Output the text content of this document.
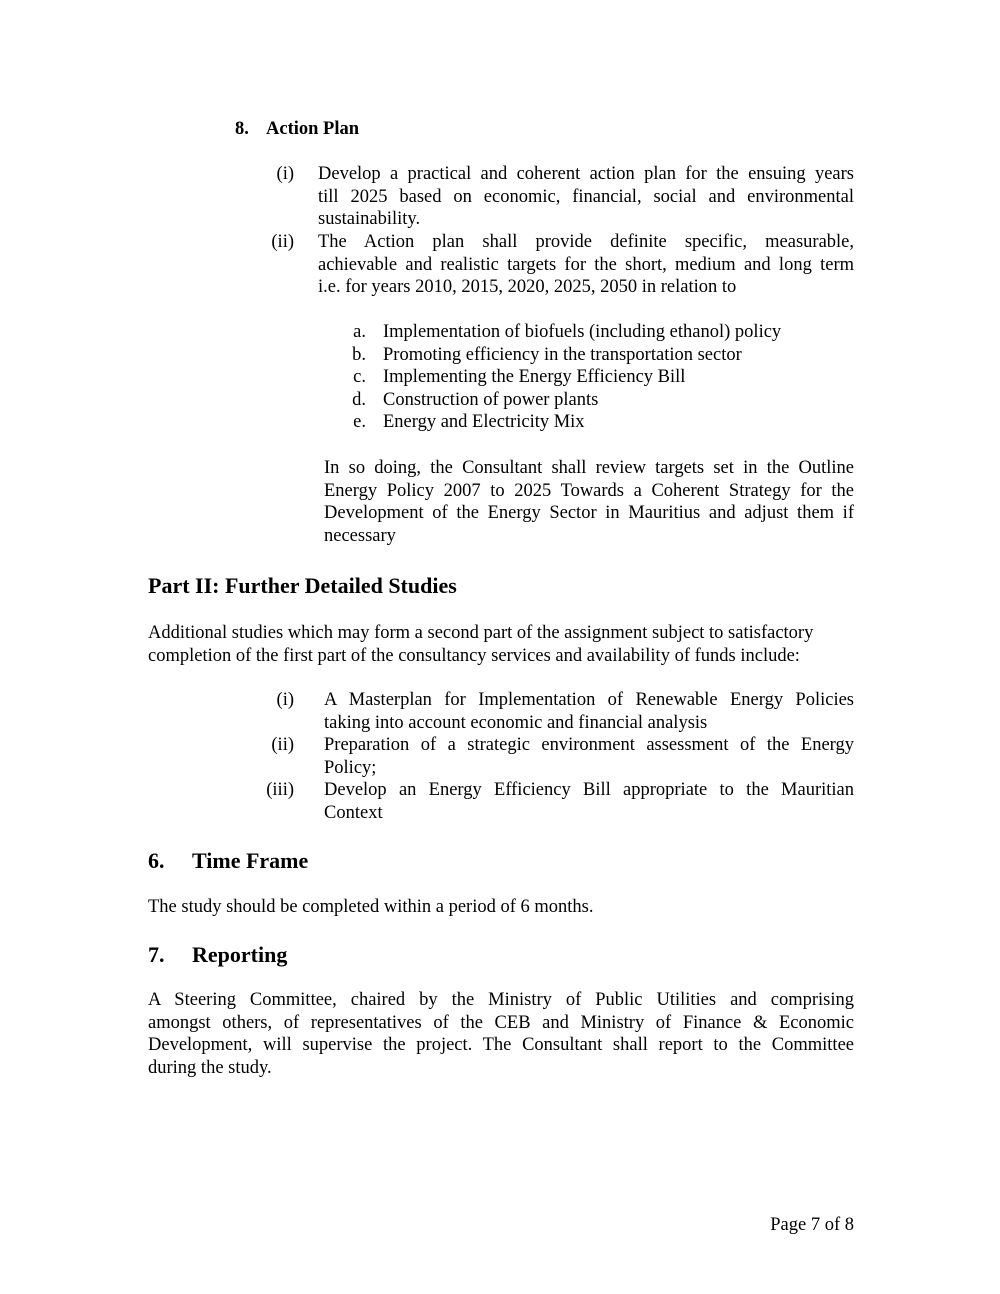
8. Action Plan
(i) Develop a practical and coherent action plan for the ensuing years
till 2025 based on economic, financial, social and environmental
sustainability.
(ii) The Action plan shall provide definite specific, measurable,
achievable and realistic targets for the short, medium and long term
i.e. for years 2010, 2015, 2020, 2025, 2050 in relation to
a. Implementation of biofuels (including ethanol) policy
b. Promoting efficiency in the transportation sector
c. Implementing the Energy Efficiency Bill
d. Construction of power plants
e. Energy and Electricity Mix
In so doing, the Consultant shall review targets set in the Outline
Energy Policy 2007 to 2025 Towards a Coherent Strategy for the
Development of the Energy Sector in Mauritius and adjust them if
necessary
Part II: Further Detailed Studies
Additional studies which may form a second part of the assignment subject to satisfactory
completion of the first part of the consultancy services and availability of funds include:
(i) A Masterplan for Implementation of Renewable Energy Policies
taking into account economic and financial analysis
(ii) Preparation of a strategic environment assessment of the Energy
Policy;
(iii) Develop an Energy Efficiency Bill appropriate to the Mauritian
Context
6. Time Frame
The study should be completed within a period of 6 months.
7. Reporting
A Steering Committee, chaired by the Ministry of Public Utilities and comprising
amongst others, of representatives of the CEB and Ministry of Finance & Economic
Development, will supervise the project. The Consultant shall report to the Committee
during the study.
Page 7 of 8
